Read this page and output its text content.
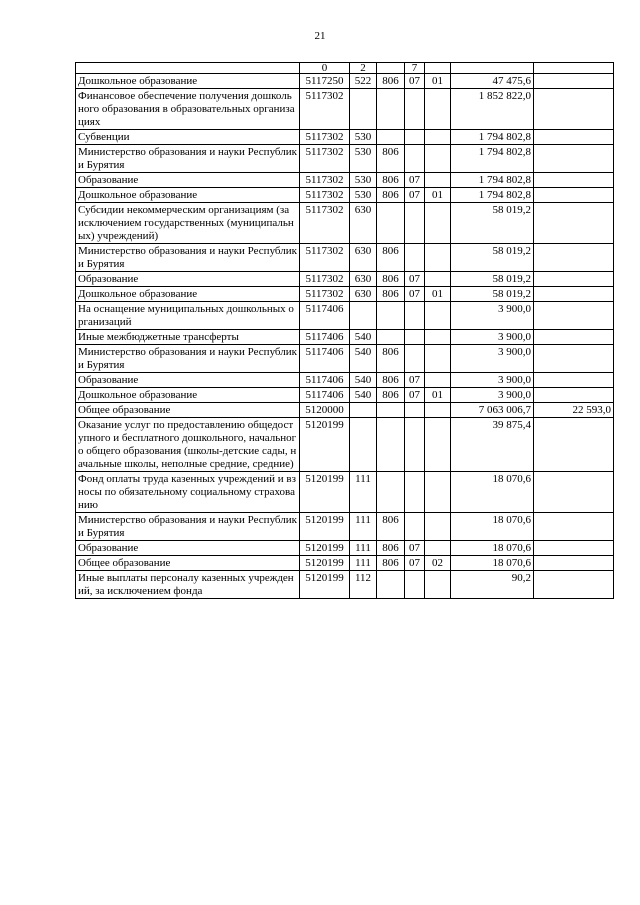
21
	0	2		7			
Дошкольное образование	5117250	522	806	07	01	47 475,6	
Финансовое обеспечение получения дошкольного образования в образовательных организациях	5117302					1 852 822,0	
Субвенции	5117302	530				1 794 802,8	
Министерство образования и науки Республики Бурятия	5117302	530	806			1 794 802,8	
Образование	5117302	530	806	07		1 794 802,8	
Дошкольное образование	5117302	530	806	07	01	1 794 802,8	
Субсидии некоммерческим организациям (за исключением государственных (муниципальных) учреждений)	5117302	630				58 019,2	
Министерство образования и науки Республики Бурятия	5117302	630	806			58 019,2	
Образование	5117302	630	806	07		58 019,2	
Дошкольное образование	5117302	630	806	07	01	58 019,2	
На оснащение муниципальных дошкольных организаций	5117406					3 900,0	
Иные межбюджетные трансферты	5117406	540				3 900,0	
Министерство образования и науки Республики Бурятия	5117406	540	806			3 900,0	
Образование	5117406	540	806	07		3 900,0	
Дошкольное образование	5117406	540	806	07	01	3 900,0	
Общее образование	5120000					7 063 006,7	22 593,0
Оказание услуг по предоставлению общедоступного и бесплатного дошкольного, начального общего образования (школы-детские сады, начальные школы, неполные средние, средние)	5120199					39 875,4	
Фонд оплаты труда казенных учреждений и взносы по обязательному социальному страхованию	5120199	111				18 070,6	
Министерство образования и науки Республики Бурятия	5120199	111	806			18 070,6	
Образование	5120199	111	806	07		18 070,6	
Общее образование	5120199	111	806	07	02	18 070,6	
Иные выплаты персоналу казенных учреждений, за исключением фонда	5120199	112				90,2	
